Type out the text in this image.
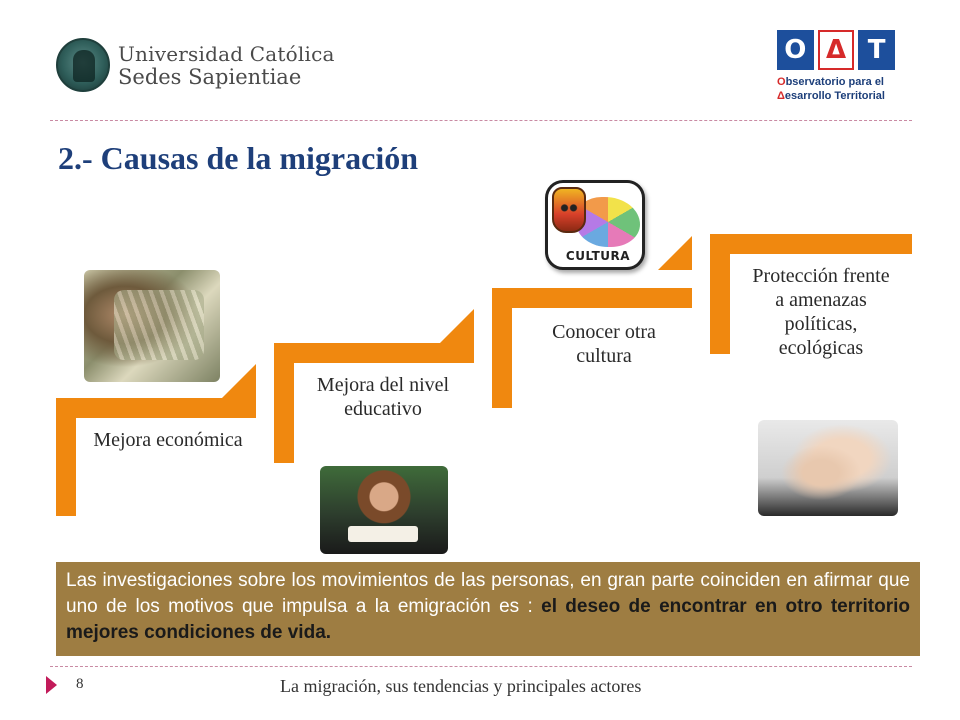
Universidad Católica
Sedes Sapientiae
O Δ T
Observatorio para el
Δesarrollo Territorial
2.- Causas de la migración
Mejora económica
Mejora del nivel educativo
Conocer otra cultura
Protección frente a amenazas políticas, ecológicas
CULTURA

Las investigaciones sobre los movimientos de las personas, en gran parte coinciden en afirmar que uno de los motivos que impulsa a la emigración es : el deseo de encontrar en otro territorio mejores condiciones de vida.

8	La migración, sus tendencias y principales actores
